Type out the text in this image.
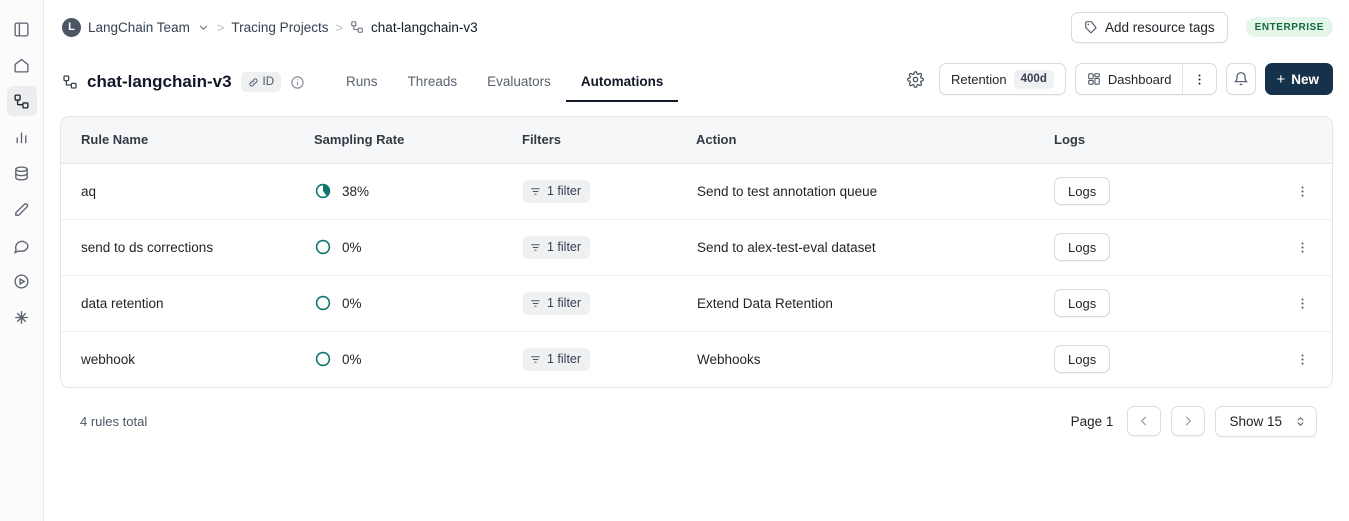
L LangChain Team > Tracing Projects > chat-langchain-v3	Add resource tags	ENTERPRISE
chat-langchain-v3	ID	Runs	Threads	Evaluators	Automations	Retention	400d	Dashboard	+ New
Rule Name	Sampling Rate	Filters	Action	Logs	
aq	38%	1 filter	Send to test annotation queue	Logs	

send to ds corrections	0%	1 filter	Send to alex-test-eval dataset	Logs	

data retention	0%	1 filter	Extend Data Retention	Logs	

webhook	0%	1 filter	Webhooks	Logs	
4 rules total	Page 1	Show 15
